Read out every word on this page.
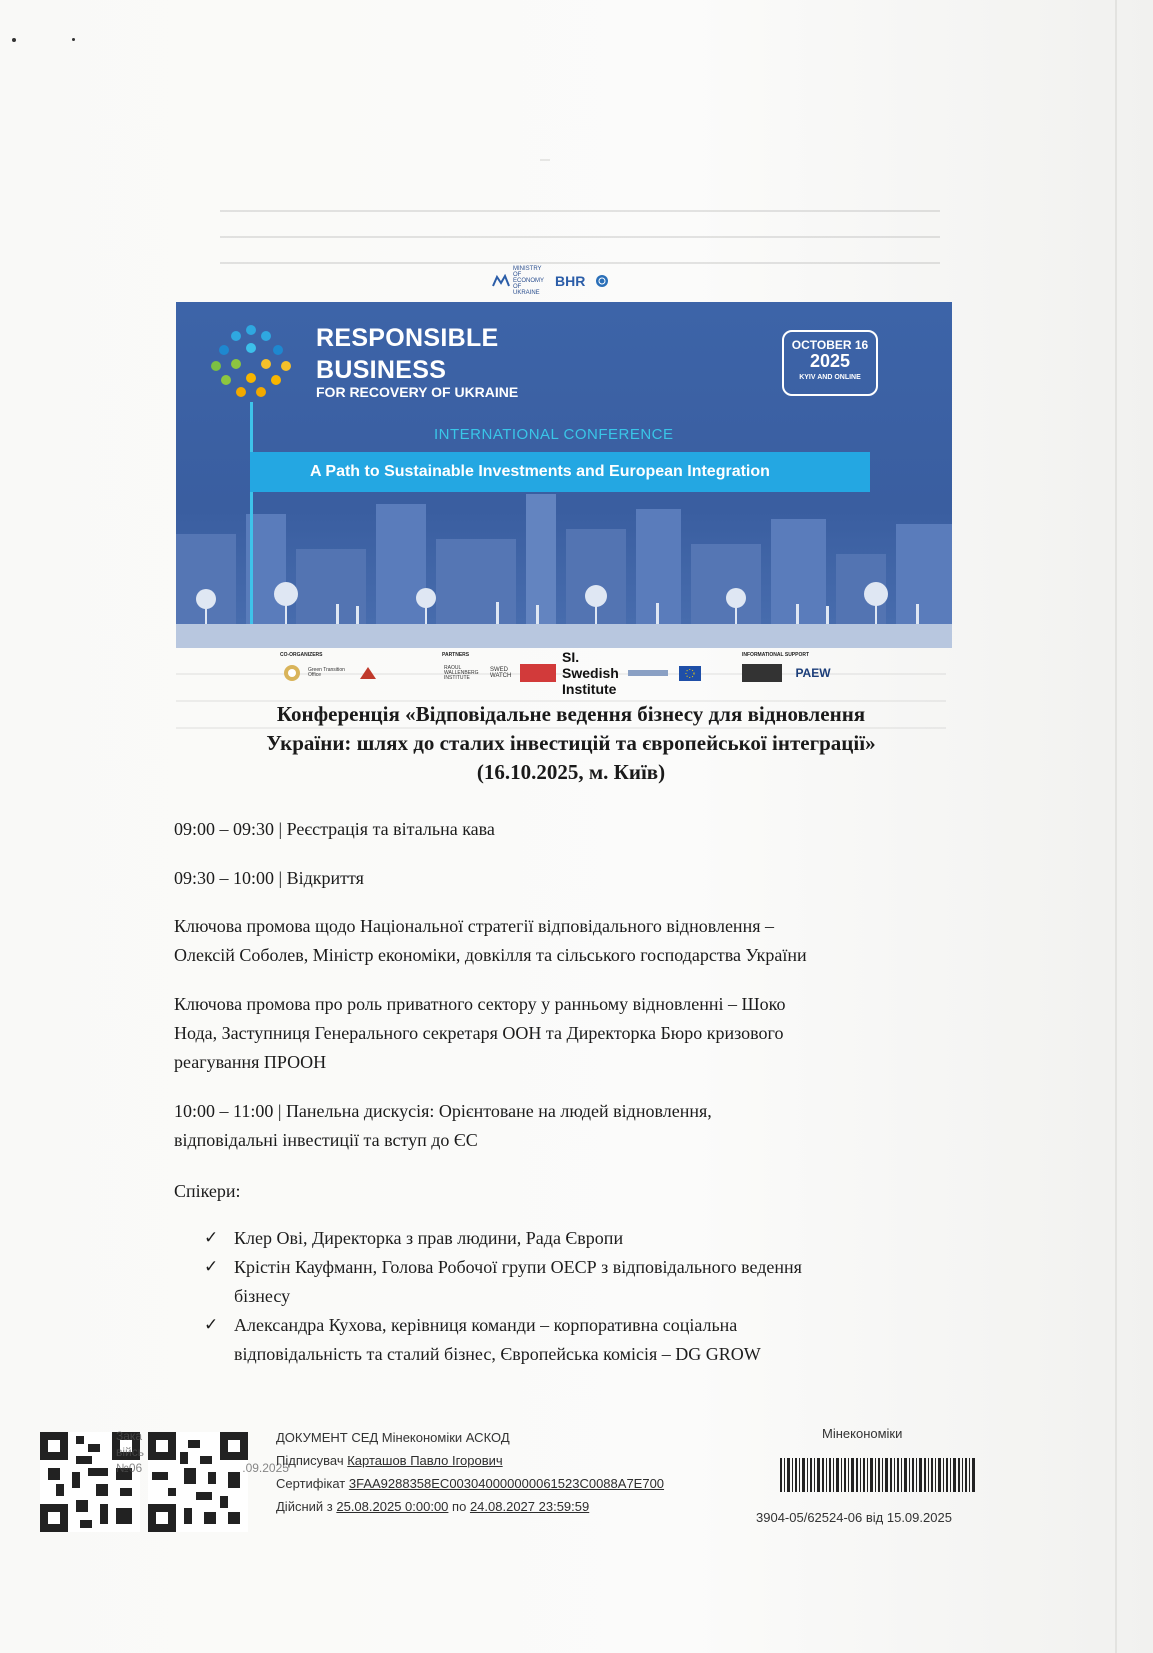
MINISTRY OF ECONOMY OF UKRAINE
BHR
RESPONSIBLE
BUSINESS
FOR RECOVERY OF UKRAINE
OCTOBER 16
2025
KYIV AND ONLINE
INTERNATIONAL CONFERENCE
A Path to Sustainable Investments and European Integration
CO-ORGANIZERS	PARTNERS	INFORMATIONAL SUPPORT
Green Transition Office
RAOUL WALLENBERG INSTITUTE
SWED WATCH
SI. Swedish Institute
PAEW
Конференція «Відповідальне ведення бізнесу для відновлення
України: шлях до сталих інвестицій та європейської інтеграції»
(16.10.2025, м. Київ)
09:00 – 09:30 | Реєстрація та вітальна кава
09:30 – 10:00 | Відкриття
Ключова промова щодо Національної стратегії відповідального відновлення –
Олексій Соболев, Міністр економіки, довкілля та сільського господарства України
Ключова промова про роль приватного сектору у ранньому відновленні – Шоко
Нода, Заступниця Генерального секретаря ООН та Директорка Бюро кризового
реагування ПРООН
10:00 – 11:00 | Панельна дискусія: Орієнтоване на людей відновлення,
відповідальні інвестиції та вступ до ЄС
Спікери:
✓ Клер Ові, Директорка з прав людини, Рада Європи
✓ Крістін Кауфманн, Голова Робочої групи ОЕСР з відповідального ведення
бізнесу
✓ Александра Кухова, керівниця команди – корпоративна соціальна
відповідальність та сталий бізнес, Європейська комісія – DG GROW
Зака
війсь
№06	.09.2025
ДОКУМЕНТ СЕД Мінекономіки АСКОД
Підписувач Карташов Павло Ігорович
Сертифікат 3FAA9288358EC003040000000061523C0088A7E700
Дійсний з 25.08.2025 0:00:00 по 24.08.2027 23:59:59
Мінекономіки
3904-05/62524-06 від 15.09.2025
